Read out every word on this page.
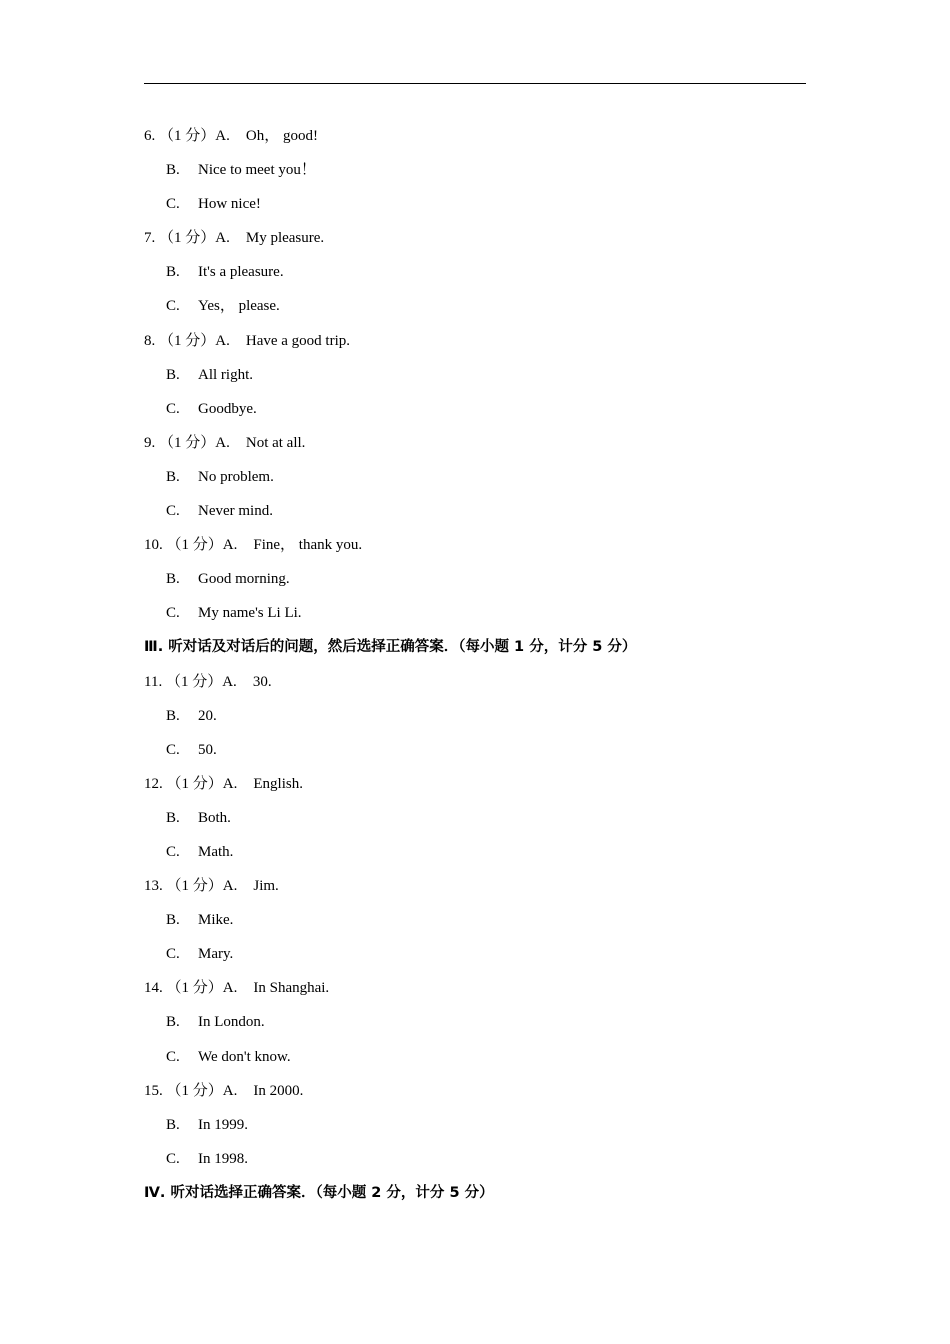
6. （1 分）A. Oh， good!
B. Nice to meet you！
C. How nice!
7. （1 分）A. My pleasure.
B. It's a pleasure.
C. Yes， please.
8. （1 分）A. Have a good trip.
B. All right.
C. Goodbye.
9. （1 分）A. Not at all.
B. No problem.
C. Never mind.
10. （1 分）A. Fine， thank you.
B. Good morning.
C. My name's Li Li.
Ⅲ. 听对话及对话后的问题，然后选择正确答案．（每小题 1 分，计分 5 分）
11. （1 分）A. 30.
B. 20.
C. 50.
12. （1 分）A. English.
B. Both.
C. Math.
13. （1 分）A. Jim.
B. Mike.
C. Mary.
14. （1 分）A. In Shanghai.
B. In London.
C. We don't know.
15. （1 分）A. In 2000.
B. In 1999.
C. In 1998.
Ⅳ. 听对话选择正确答案．（每小题 2 分，计分 5 分）
